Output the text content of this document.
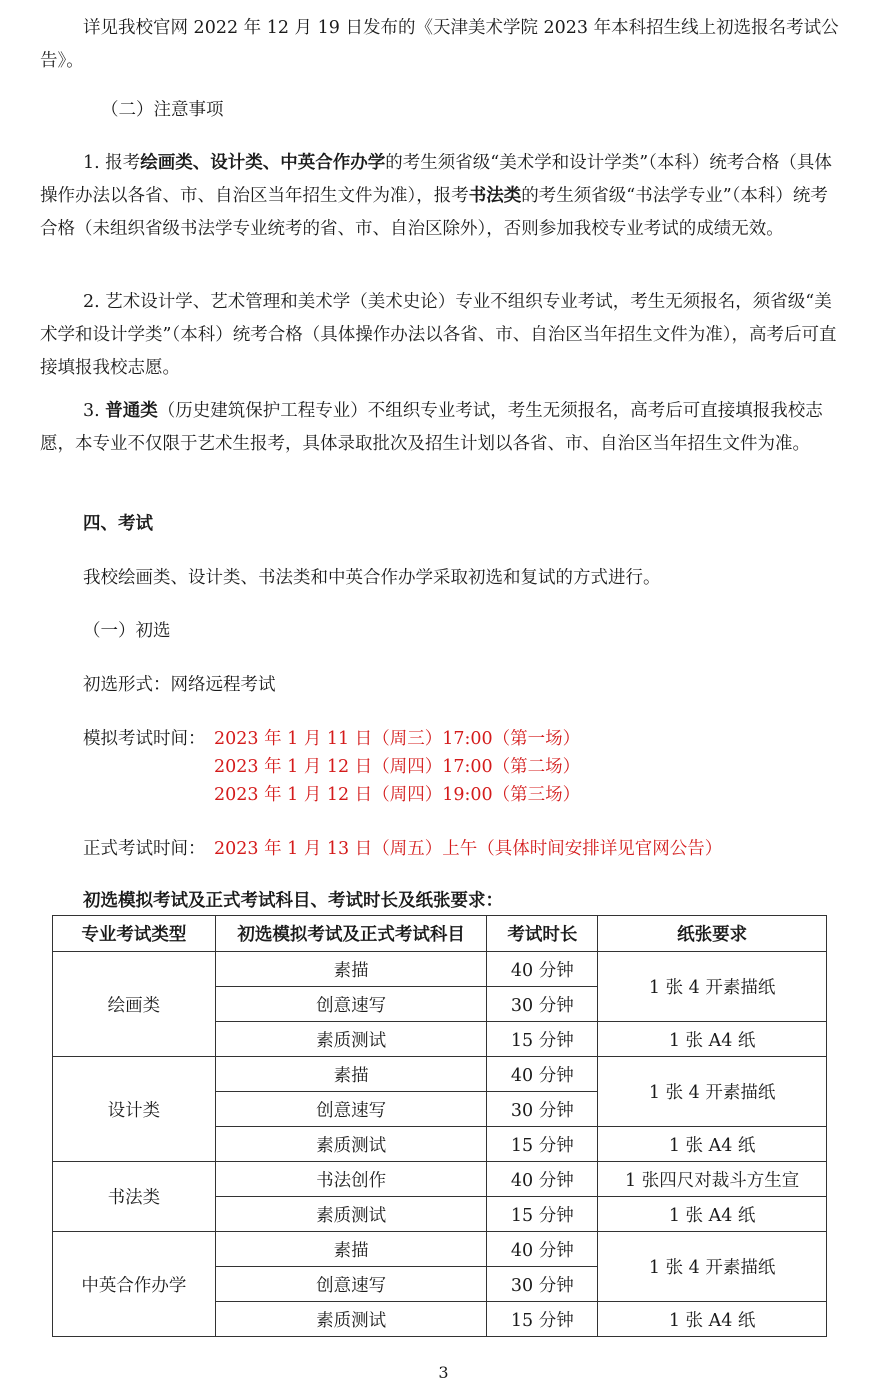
详见我校官网 2022 年 12 月 19 日发布的《天津美术学院 2023 年本科招生线上初选报名考试公告》。

（二）注意事项

1. 报考绘画类、设计类、中英合作办学的考生须省级“美术学和设计学类”（本科）统考合格（具体操作办法以各省、市、自治区当年招生文件为准），报考书法类的考生须省级“书法学专业”（本科）统考合格（未组织省级书法学专业统考的省、市、自治区除外），否则参加我校专业考试的成绩无效。

2. 艺术设计学、艺术管理和美术学（美术史论）专业不组织专业考试，考生无须报名，须省级“美术学和设计学类”（本科）统考合格（具体操作办法以各省、市、自治区当年招生文件为准），高考后可直接填报我校志愿。

3. 普通类（历史建筑保护工程专业）不组织专业考试，考生无须报名，高考后可直接填报我校志愿，本专业不仅限于艺术生报考，具体录取批次及招生计划以各省、市、自治区当年招生文件为准。

四、考试
我校绘画类、设计类、书法类和中英合作办学采取初选和复试的方式进行。
（一）初选
初选形式：网络远程考试
模拟考试时间： 2023 年 1 月 11 日（周三）17:00（第一场）
2023 年 1 月 12 日（周四）17:00（第二场）
2023 年 1 月 12 日（周四）19:00（第三场）
正式考试时间： 2023 年 1 月 13 日（周五）上午（具体时间安排详见官网公告）
初选模拟考试及正式考试科目、考试时长及纸张要求：
专业考试类型	初选模拟考试及正式考试科目	考试时长	纸张要求
绘画类	素描	40 分钟	1 张 4 开素描纸
	创意速写	30 分钟	
	素质测试	15 分钟	1 张 A4 纸
设计类	素描	40 分钟	1 张 4 开素描纸
	创意速写	30 分钟	
	素质测试	15 分钟	1 张 A4 纸
书法类	书法创作	40 分钟	1 张四尺对裁斗方生宣
	素质测试	15 分钟	1 张 A4 纸
中英合作办学	素描	40 分钟	1 张 4 开素描纸
	创意速写	30 分钟	
	素质测试	15 分钟	1 张 A4 纸
3
